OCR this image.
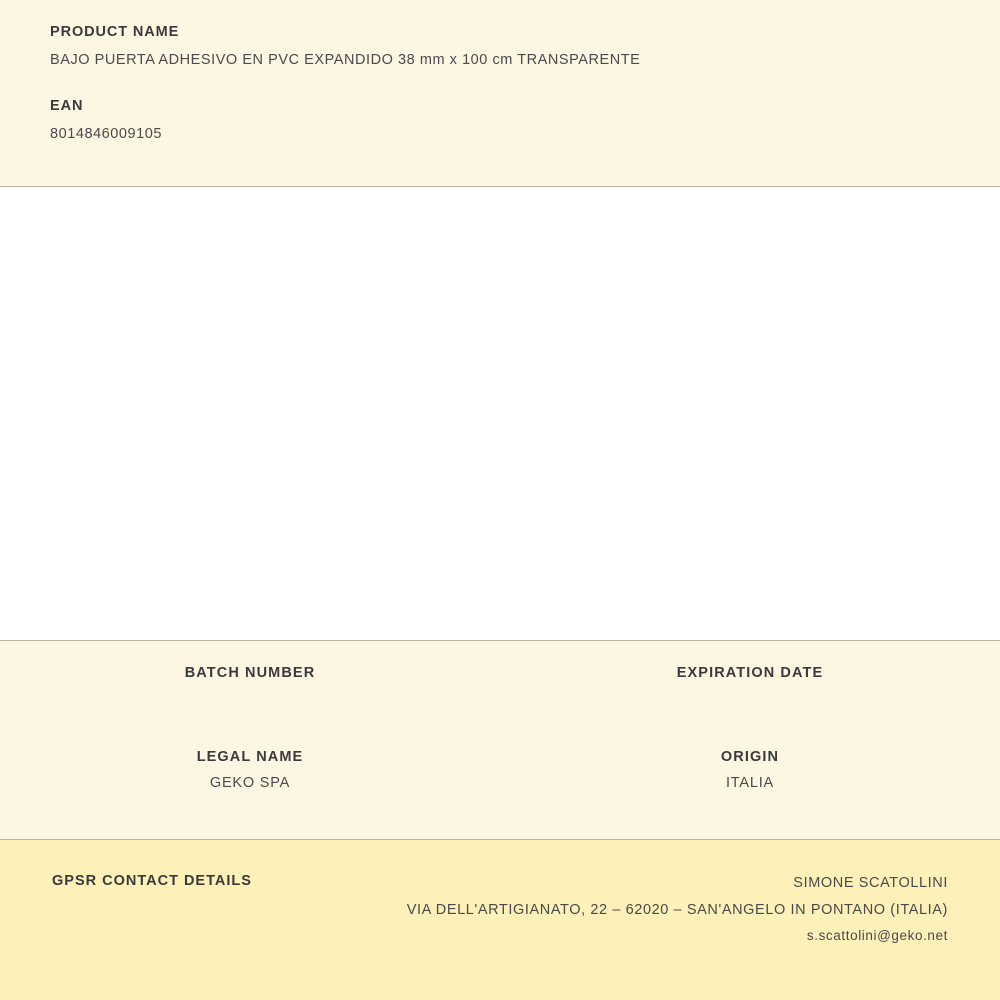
PRODUCT NAME

BAJO PUERTA ADHESIVO EN PVC EXPANDIDO 38 mm x 100 cm TRANSPARENTE

EAN

8014846009105

BATCH NUMBER	EXPIRATION DATE

LEGAL NAME	ORIGIN

GEKO SPA	ITALIA

GPSR CONTACT DETAILS	SIMONE SCATOLLINI

VIA DELL'ARTIGIANATO, 22 – 62020 – SAN'ANGELO IN PONTANO (ITALIA)

s.scattolini@geko.net
